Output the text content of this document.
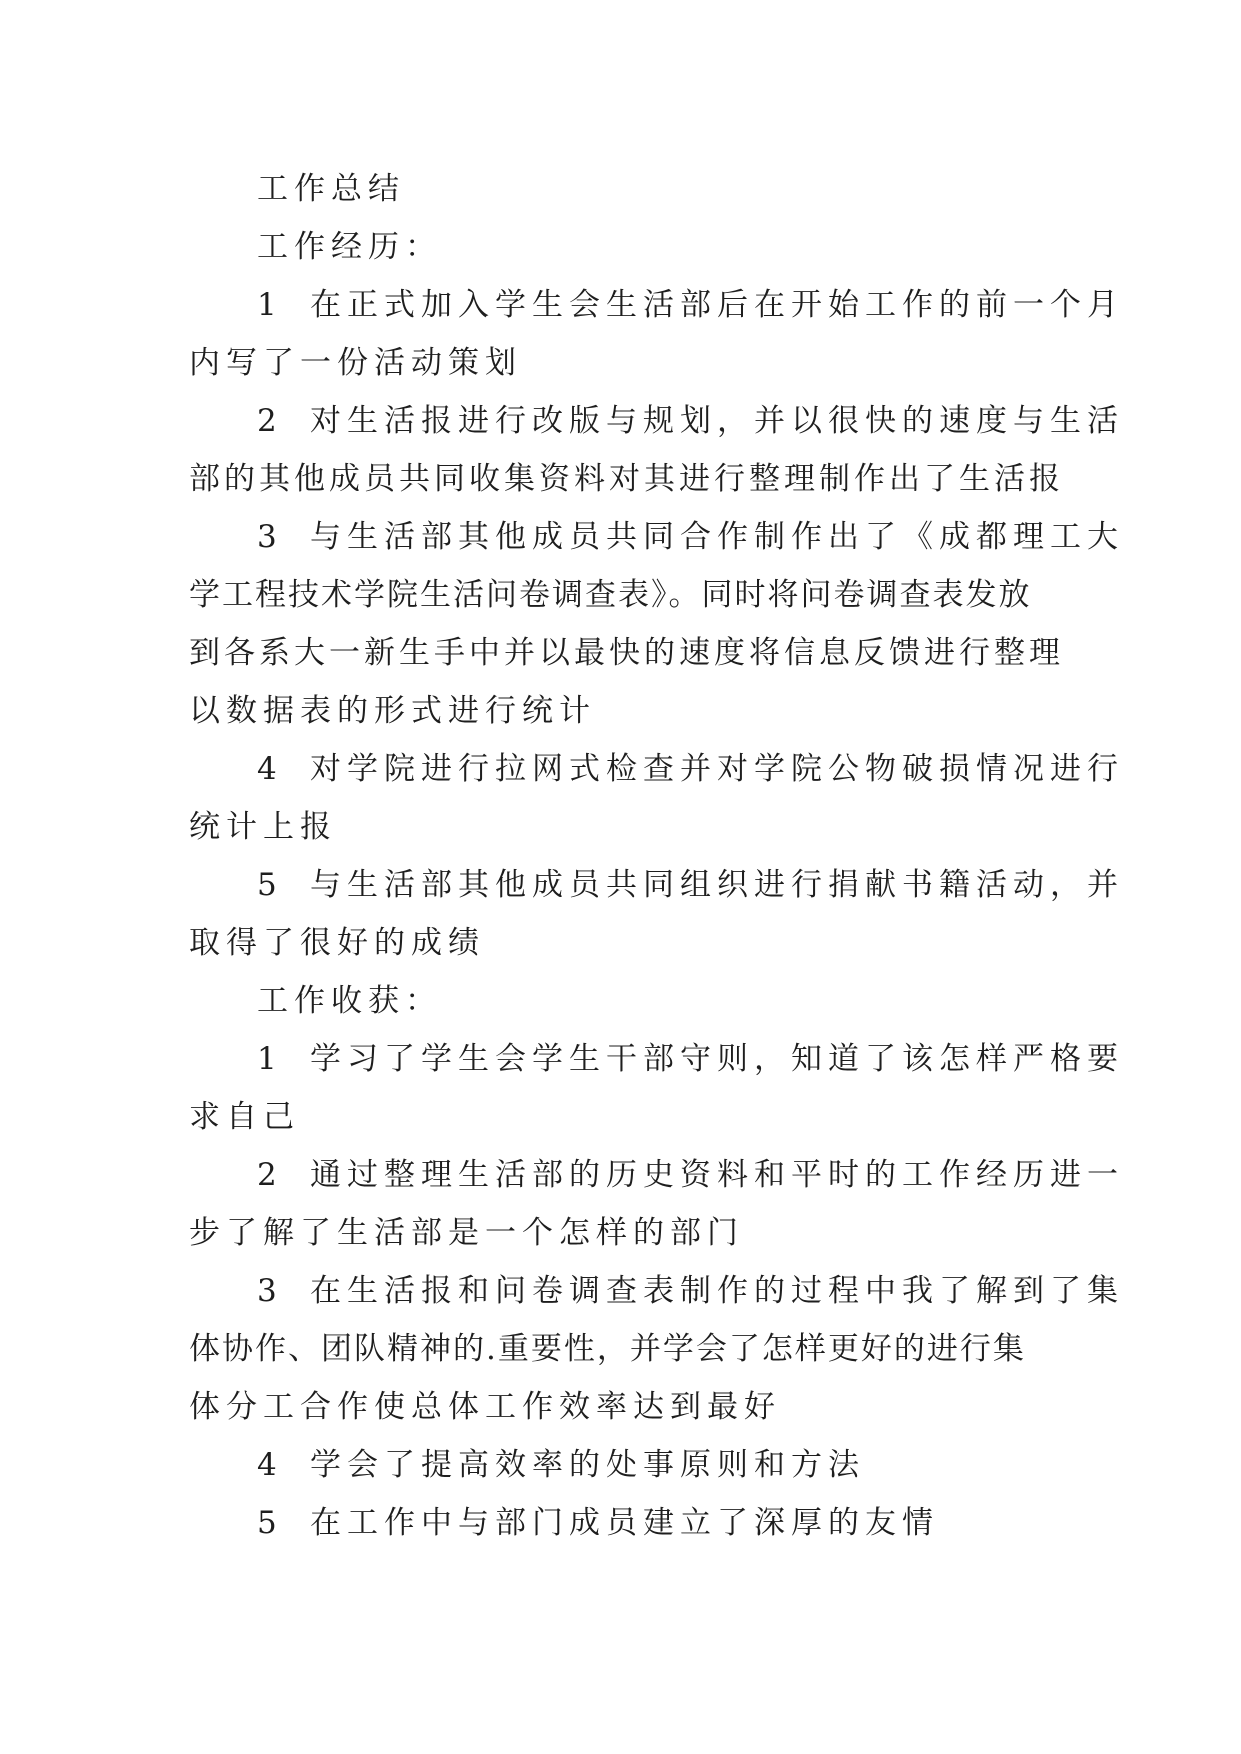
工作总结
工作经历：
1 在正式加入学生会生活部后在开始工作的前一个月
内写了一份活动策划
2 对生活报进行改版与规划，并以很快的速度与生活
部的其他成员共同收集资料对其进行整理制作出了生活报
3 与生活部其他成员共同合作制作出了《成都理工大
学工程技术学院生活问卷调查表》。同时将问卷调查表发放
到各系大一新生手中并以最快的速度将信息反馈进行整理
以数据表的形式进行统计
4 对学院进行拉网式检查并对学院公物破损情况进行
统计上报
5 与生活部其他成员共同组织进行捐献书籍活动，并
取得了很好的成绩
工作收获：
1 学习了学生会学生干部守则，知道了该怎样严格要
求自己
2 通过整理生活部的历史资料和平时的工作经历进一
步了解了生活部是一个怎样的部门
3 在生活报和问卷调查表制作的过程中我了解到了集
体协作、团队精神的.重要性，并学会了怎样更好的进行集
体分工合作使总体工作效率达到最好
4 学会了提高效率的处事原则和方法
5 在工作中与部门成员建立了深厚的友情
